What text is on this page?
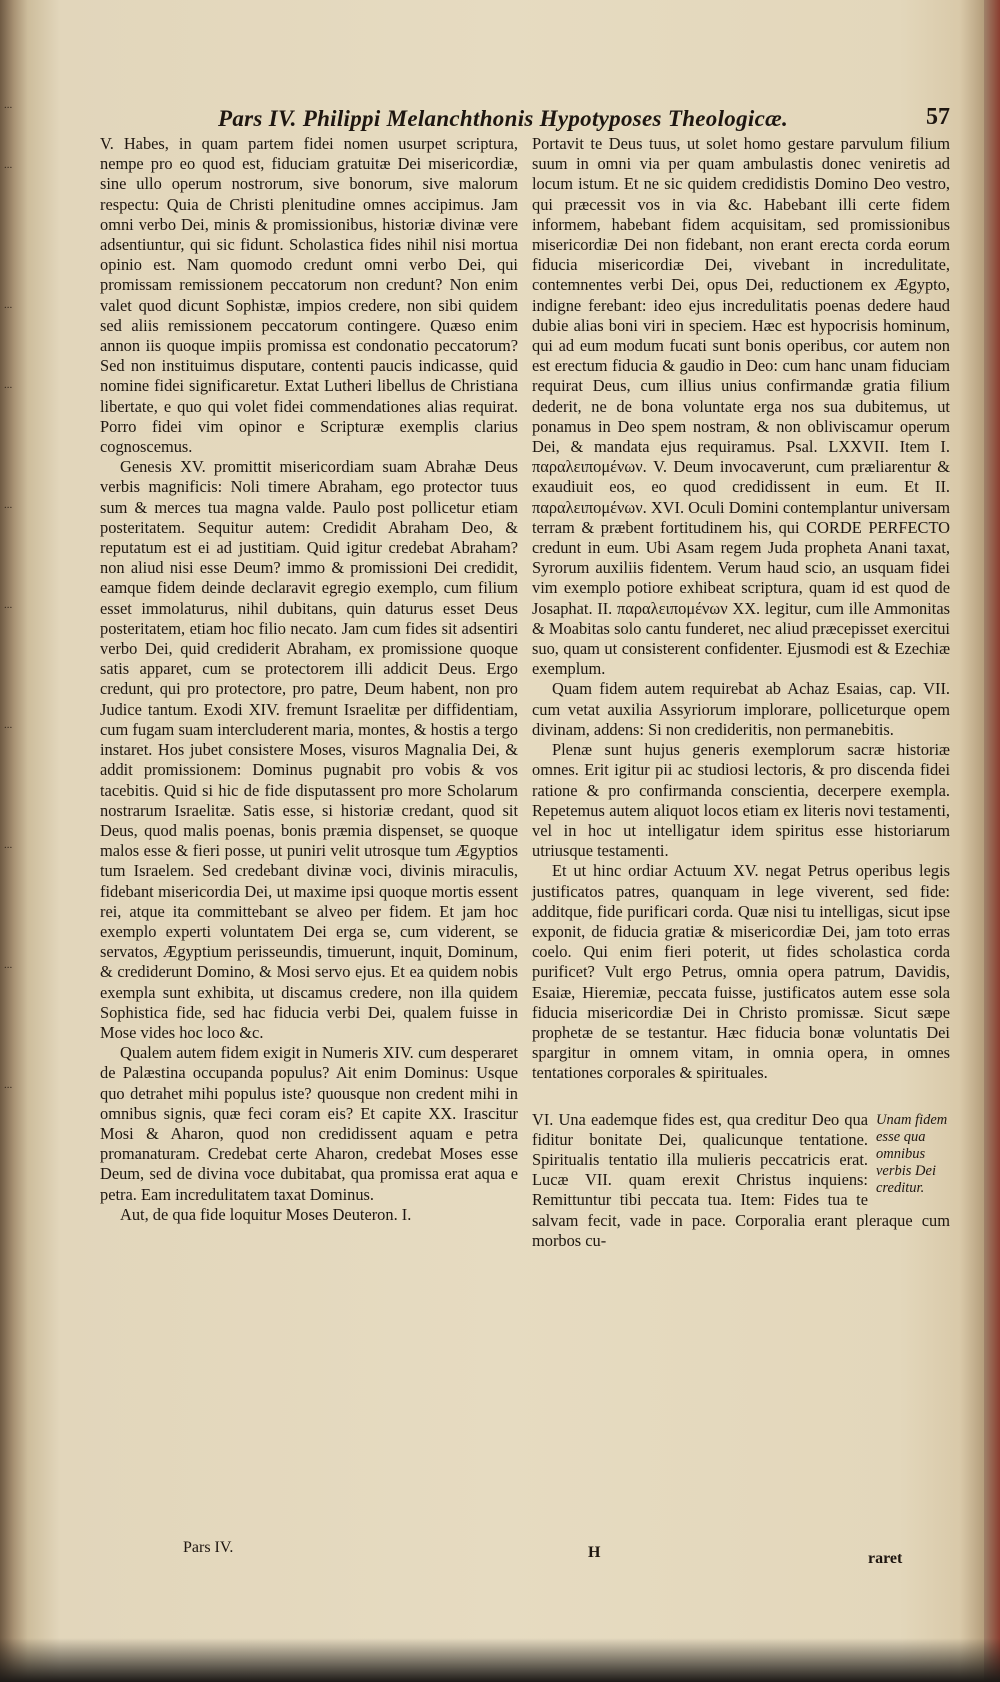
...
...
...
...
...
...
...
...
...
...
Pars IV. Philippi Melanchthonis Hypotyposes Theologicæ.	57

V. Habes, in quam partem fidei nomen usurpet scriptura, nempe pro eo quod est, fiduciam gratuitæ Dei misericordiæ, sine ullo operum nostrorum, sive bonorum, sive malorum respectu: Quia de Christi plenitudine omnes accipimus. Jam omni verbo Dei, minis & promissionibus, historiæ divinæ vere adsentiuntur, qui sic fidunt. Scholastica fides nihil nisi mortua opinio est. Nam quomodo credunt omni verbo Dei, qui promissam remissionem peccatorum non credunt? Non enim valet quod dicunt Sophistæ, impios credere, non sibi quidem sed aliis remissionem peccatorum contingere. Quæso enim annon iis quoque impiis promissa est condonatio peccatorum? Sed non instituimus disputare, contenti paucis indicasse, quid nomine fidei significaretur. Extat Lutheri libellus de Christiana libertate, e quo qui volet fidei commendationes alias requirat. Porro fidei vim opinor e Scripturæ exemplis clarius cognoscemus.

Genesis XV. promittit misericordiam suam Abrahæ Deus verbis magnificis: Noli timere Abraham, ego protector tuus sum & merces tua magna valde. Paulo post pollicetur etiam posteritatem. Sequitur autem: Credidit Abraham Deo, & reputatum est ei ad justitiam. Quid igitur credebat Abraham? non aliud nisi esse Deum? immo & promissioni Dei credidit, eamque fidem deinde declaravit egregio exemplo, cum filium esset immolaturus, nihil dubitans, quin daturus esset Deus posteritatem, etiam hoc filio necato. Jam cum fides sit adsentiri verbo Dei, quid crediderit Abraham, ex promissione quoque satis apparet, cum se protectorem illi addicit Deus. Ergo credunt, qui pro protectore, pro patre, Deum habent, non pro Judice tantum. Exodi XIV. fremunt Israelitæ per diffidentiam, cum fugam suam intercluderent maria, montes, & hostis a tergo instaret. Hos jubet consistere Moses, visuros Magnalia Dei, & addit promissionem: Dominus pugnabit pro vobis & vos tacebitis. Quid si hic de fide disputassent pro more Scholarum nostrarum Israelitæ. Satis esse, si historiæ credant, quod sit Deus, quod malis poenas, bonis præmia dispenset, se quoque malos esse & fieri posse, ut puniri velit utrosque tum Ægyptios tum Israelem. Sed credebant divinæ voci, divinis miraculis, fidebant misericordia Dei, ut maxime ipsi quoque mortis essent rei, atque ita committebant se alveo per fidem. Et jam hoc exemplo experti voluntatem Dei erga se, cum viderent, se servatos, Ægyptium perisseundis, timuerunt, inquit, Dominum, & crediderunt Domino, & Mosi servo ejus. Et ea quidem nobis exempla sunt exhibita, ut discamus credere, non illa quidem Sophistica fide, sed hac fiducia verbi Dei, qualem fuisse in Mose vides hoc loco &c.

Qualem autem fidem exigit in Numeris XIV. cum desperaret de Palæstina occupanda populus? Ait enim Dominus: Usque quo detrahet mihi populus iste? quousque non credent mihi in omnibus signis, quæ feci coram eis? Et capite XX. Irascitur Mosi & Aharon, quod non credidissent aquam e petra promanaturam. Credebat certe Aharon, credebat Moses esse Deum, sed de divina voce dubitabat, qua promissa erat aqua e petra. Eam incredulitatem taxat Dominus.

Aut, de qua fide loquitur Moses Deuteron. I.

Portavit te Deus tuus, ut solet homo gestare parvulum filium suum in omni via per quam ambulastis donec veniretis ad locum istum. Et ne sic quidem credidistis Domino Deo vestro, qui præcessit vos in via &c. Habebant illi certe fidem informem, habebant fidem acquisitam, sed promissionibus misericordiæ Dei non fidebant, non erant erecta corda eorum fiducia misericordiæ Dei, vivebant in incredulitate, contemnentes verbi Dei, opus Dei, reductionem ex Ægypto, indigne ferebant: ideo ejus incredulitatis poenas dedere haud dubie alias boni viri in speciem. Hæc est hypocrisis hominum, qui ad eum modum fucati sunt bonis operibus, cor autem non est erectum fiducia & gaudio in Deo: cum hanc unam fiduciam requirat Deus, cum illius unius confirmandæ gratia filium dederit, ne de bona voluntate erga nos sua dubitemus, ut ponamus in Deo spem nostram, & non obliviscamur operum Dei, & mandata ejus requiramus. Psal. LXXVII. Item I. παραλειπομένων. V. Deum invocaverunt, cum præliarentur & exaudiuit eos, eo quod credidissent in eum. Et II. παραλειπομένων. XVI. Oculi Domini contemplantur universam terram & præbent fortitudinem his, qui CORDE PERFECTO credunt in eum. Ubi Asam regem Juda propheta Anani taxat, Syrorum auxiliis fidentem. Verum haud scio, an usquam fidei vim exemplo potiore exhibeat scriptura, quam id est quod de Josaphat. II. παραλειπομένων XX. legitur, cum ille Ammonitas & Moabitas solo cantu funderet, nec aliud præcepisset exercitui suo, quam ut consisterent confidenter. Ejusmodi est & Ezechiæ exemplum.

Quam fidem autem requirebat ab Achaz Esaias, cap. VII. cum vetat auxilia Assyriorum implorare, polliceturque opem divinam, addens: Si non credideritis, non permanebitis.

Plenæ sunt hujus generis exemplorum sacræ historiæ omnes. Erit igitur pii ac studiosi lectoris, & pro discenda fidei ratione & pro confirmanda conscientia, decerpere exempla. Repetemus autem aliquot locos etiam ex literis novi testamenti, vel in hoc ut intelligatur idem spiritus esse historiarum utriusque testamenti.

Et ut hinc ordiar Actuum XV. negat Petrus operibus legis justificatos patres, quanquam in lege viverent, sed fide: additque, fide purificari corda. Quæ nisi tu intelligas, sicut ipse exponit, de fiducia gratiæ & misericordiæ Dei, jam toto erras coelo. Qui enim fieri poterit, ut fides scholastica corda purificet? Vult ergo Petrus, omnia opera patrum, Davidis, Esaiæ, Hieremiæ, peccata fuisse, justificatos autem esse sola fiducia misericordiæ Dei in Christo promissæ. Sicut sæpe prophetæ de se testantur. Hæc fiducia bonæ voluntatis Dei spargitur in omnem vitam, in omnia opera, in omnes tentationes corporales & spirituales.

Unam fidem esse qua omnibus verbis Dei creditur.
VI. Una eademque fides est, qua creditur Deo qua fiditur bonitate Dei, qualicunque tentatione. Spiritualis tentatio illa mulieris peccatricis erat. Lucæ VII. quam erexit Christus inquiens: Remittuntur tibi peccata tua. Item: Fides tua te salvam fecit, vade in pace. Corporalia erant pleraque cum morbos cu-

Pars IV.	H	raret
